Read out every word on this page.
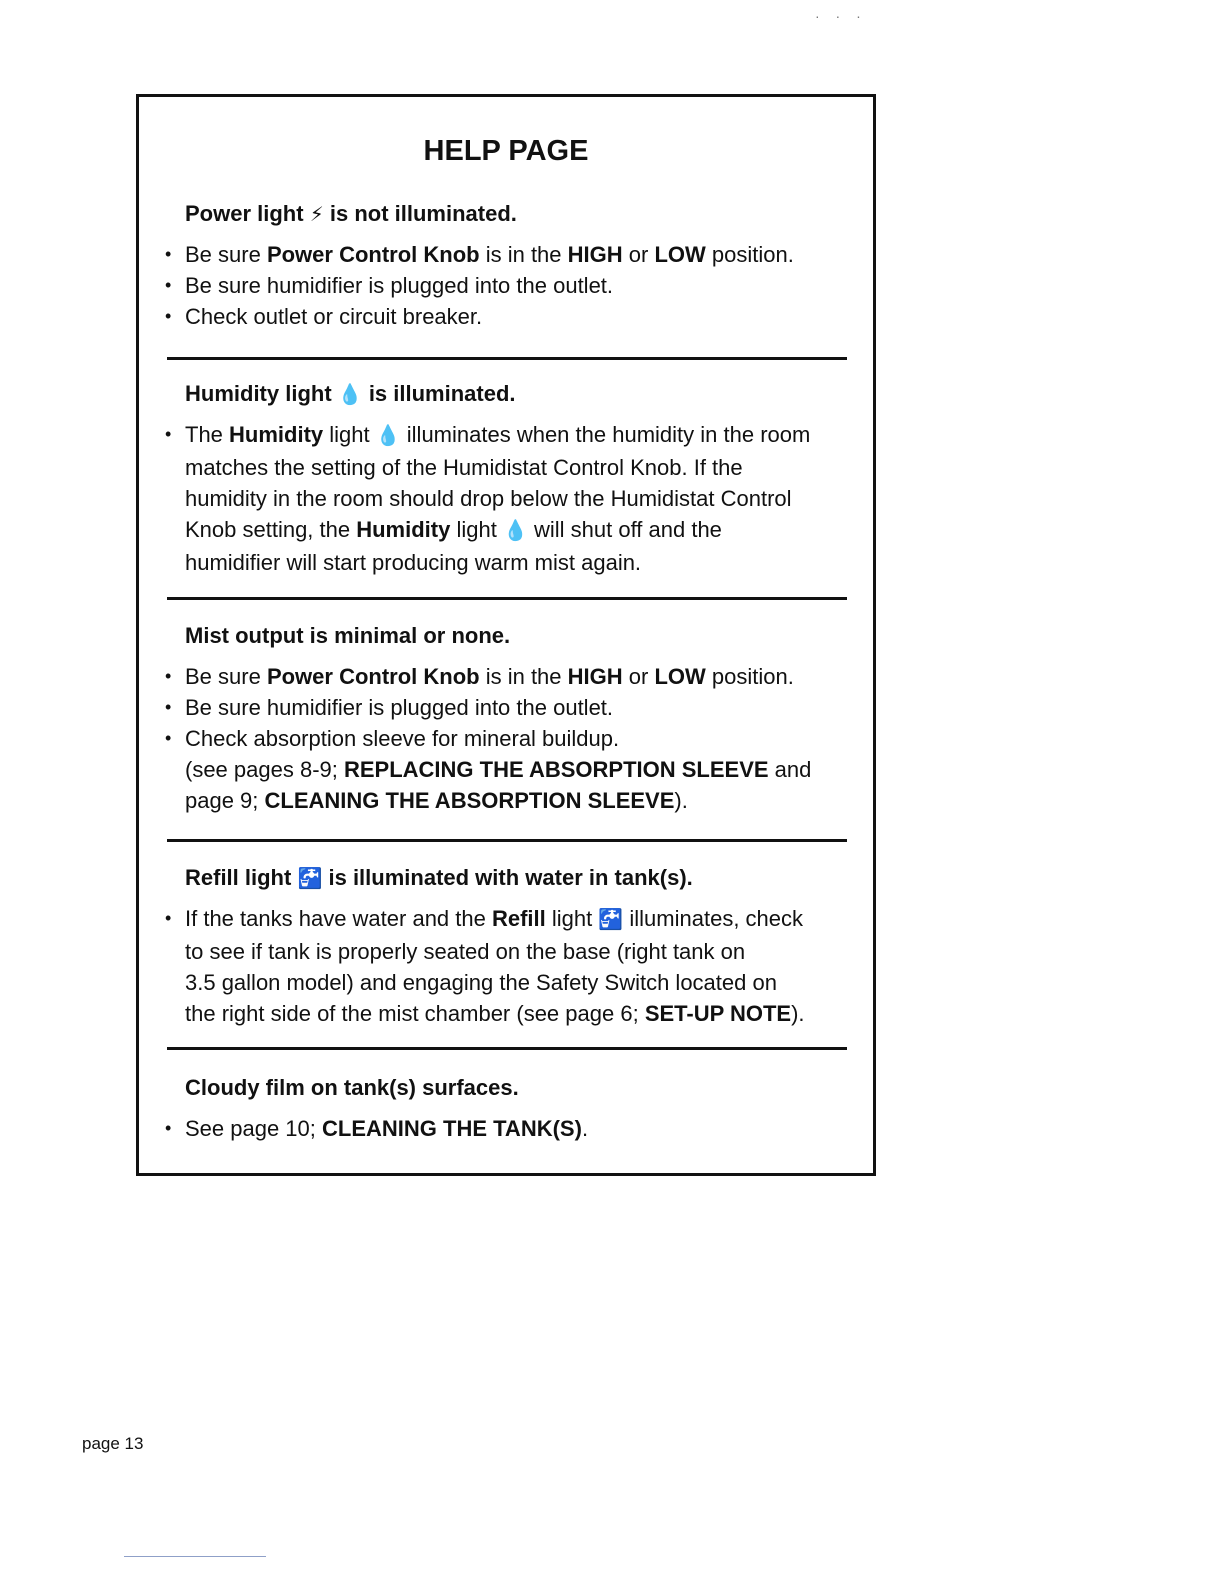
· · ·
HELP PAGE

Power light ⚡ is not illuminated.

• Be sure Power Control Knob is in the HIGH or LOW position.
• Be sure humidifier is plugged into the outlet.
• Check outlet or circuit breaker.

Humidity light 💧 is illuminated.

• The Humidity light 💧 illuminates when the humidity in the room
matches the setting of the Humidistat Control Knob. If the
humidity in the room should drop below the Humidistat Control
Knob setting, the Humidity light 💧 will shut off and the
humidifier will start producing warm mist again.

Mist output is minimal or none.

• Be sure Power Control Knob is in the HIGH or LOW position.
• Be sure humidifier is plugged into the outlet.
• Check absorption sleeve for mineral buildup.
(see pages 8-9; REPLACING THE ABSORPTION SLEEVE and
page 9; CLEANING THE ABSORPTION SLEEVE).

Refill light 🚰 is illuminated with water in tank(s).

• If the tanks have water and the Refill light 🚰 illuminates, check
to see if tank is properly seated on the base (right tank on
3.5 gallon model) and engaging the Safety Switch located on
the right side of the mist chamber (see page 6; SET-UP NOTE).

Cloudy film on tank(s) surfaces.

• See page 10; CLEANING THE TANK(S).
page 13
